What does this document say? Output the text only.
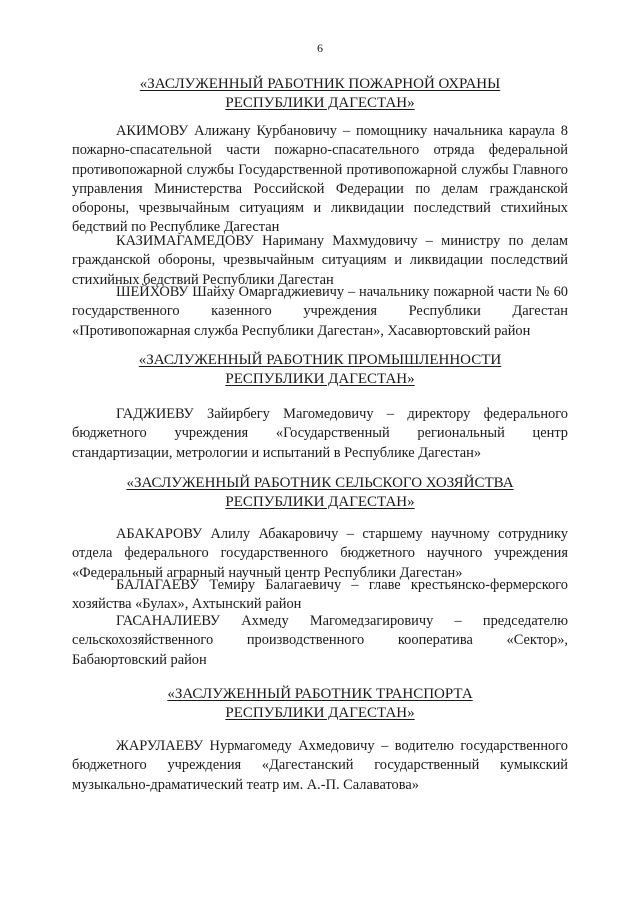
6
«ЗАСЛУЖЕННЫЙ РАБОТНИК ПОЖАРНОЙ ОХРАНЫ
РЕСПУБЛИКИ ДАГЕСТАН»

АКИМОВУ Алижану Курбановичу – помощнику начальника караула 8 пожарно-спасательной части пожарно-спасательного отряда федеральной противопожарной службы Государственной противопожарной службы Главного управления Министерства Российской Федерации по делам гражданской обороны, чрезвычайным ситуациям и ликвидации последствий стихийных бедствий по Республике Дагестан

КАЗИМАГАМЕДОВУ Нариману Махмудовичу – министру по делам гражданской обороны, чрезвычайным ситуациям и ликвидации последствий стихийных бедствий Республики Дагестан

ШЕЙХОВУ Шайху Омаргаджиевичу – начальнику пожарной части № 60 государственного казенного учреждения Республики Дагестан «Противопожарная служба Республики Дагестан», Хасавюртовский район

«ЗАСЛУЖЕННЫЙ РАБОТНИК ПРОМЫШЛЕННОСТИ
РЕСПУБЛИКИ ДАГЕСТАН»

ГАДЖИЕВУ Зайирбегу Магомедовичу – директору федерального бюджетного учреждения «Государственный региональный центр стандартизации, метрологии и испытаний в Республике Дагестан»

«ЗАСЛУЖЕННЫЙ РАБОТНИК СЕЛЬСКОГО ХОЗЯЙСТВА
РЕСПУБЛИКИ ДАГЕСТАН»

АБАКАРОВУ Алилу Абакаровичу – старшему научному сотруднику отдела федерального государственного бюджетного научного учреждения «Федеральный аграрный научный центр Республики Дагестан»

БАЛАГАЕВУ Темиру Балагаевичу – главе крестьянско-фермерского хозяйства «Булах», Ахтынский район

ГАСАНАЛИЕВУ Ахмеду Магомедзагировичу – председателю сельскохозяйственного производственного кооператива «Сектор», Бабаюртовский район

«ЗАСЛУЖЕННЫЙ РАБОТНИК ТРАНСПОРТА
РЕСПУБЛИКИ ДАГЕСТАН»

ЖАРУЛАЕВУ Нурмагомеду Ахмедовичу – водителю государственного бюджетного учреждения «Дагестанский государственный кумыкский музыкально-драматический театр им. А.-П. Салаватова»
